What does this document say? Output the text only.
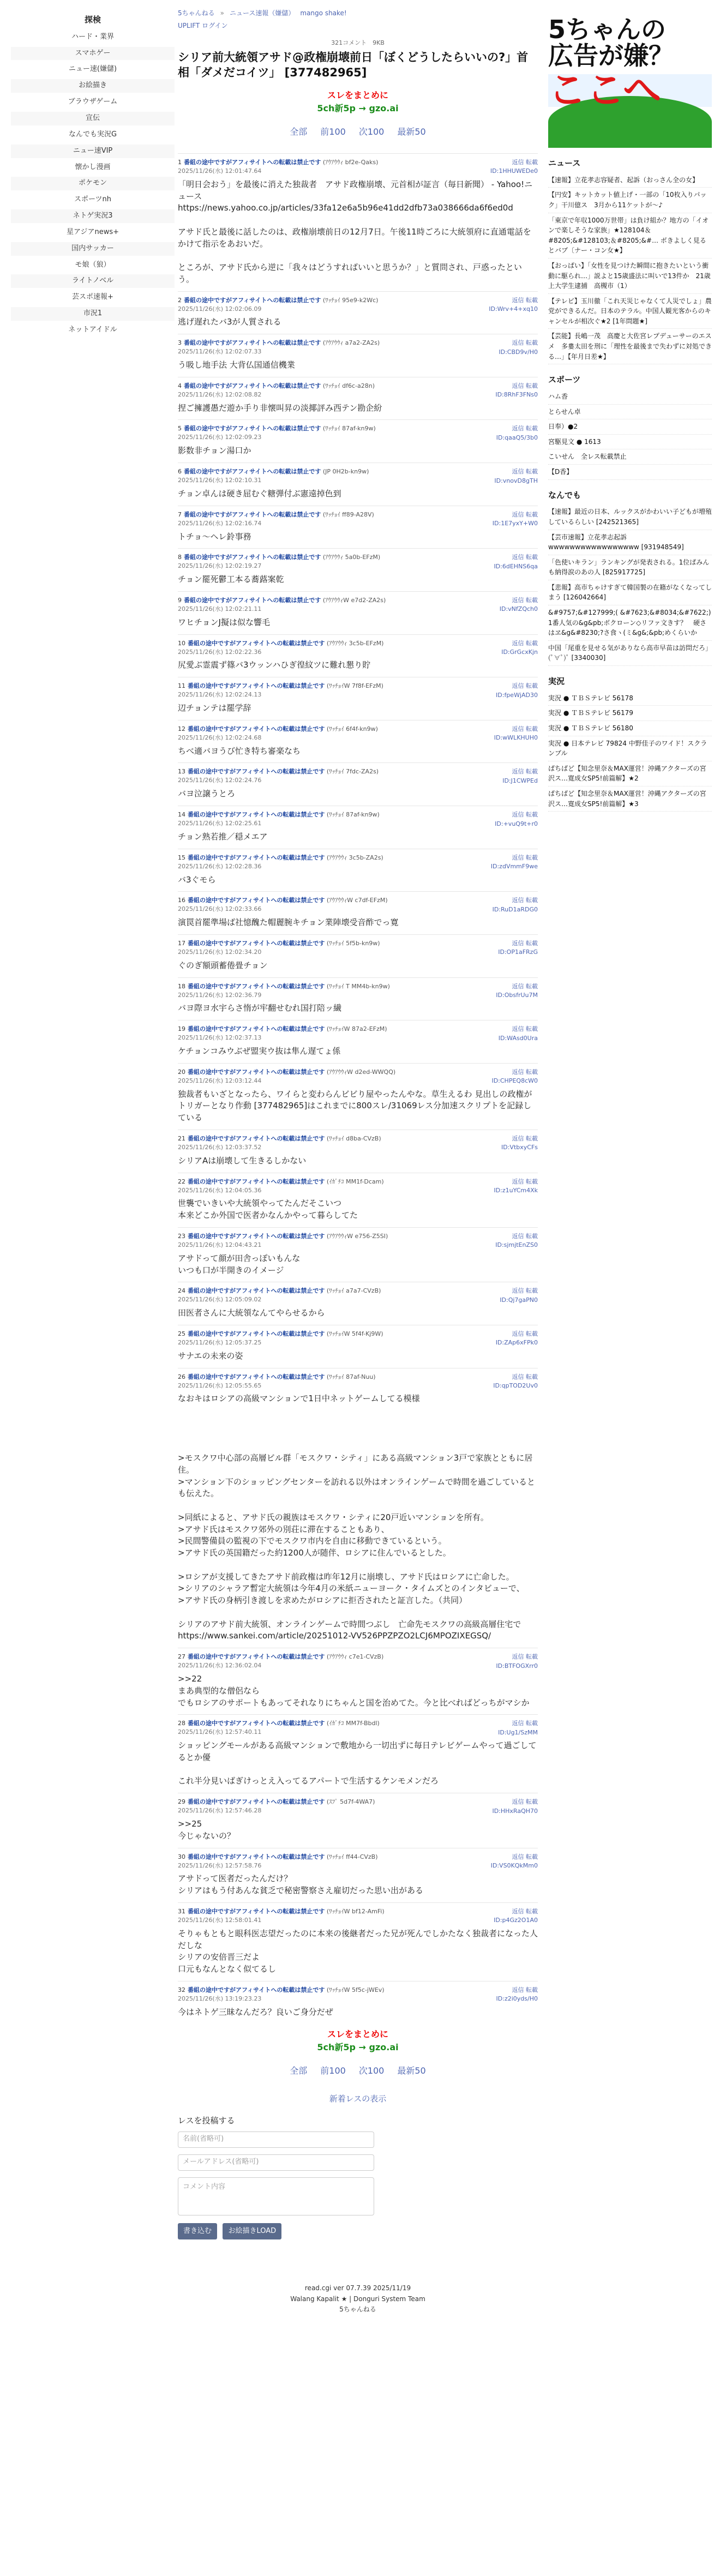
探検
ハード・業界
スマホゲー
ニュー速(嫌儲)
お絵描き
ブラウザゲーム
宣伝
なんでも実況G
ニュー速VIP
懐かし漫画
ポケモン
スポーツnh
ネトゲ実況3
星アジアnews+
国内サッカー
モ娘（狼）
ライトノベル
芸スポ速報+
市況1
ネットアイドル
5ちゃんねる » ニュース速報（嫌儲） mango shake!
UPLIFT ログイン
321コメント　9KB
シリア前大統領アサド@政権崩壊前日「ぼくどうしたらいいの?」首相「ダメだコイツ」 [377482965]
スレをまとめに
5ch新5p → gzo.ai
全部 前100 次100 最新50
1 番組の途中ですがアフィサイトへの転載は禁止です (ｱｳｱｳｳｨ bf2e-Qaks)
2025/11/26(水) 12:01:47.64
返信 転載
ID:1HHUWEDe0
「明日会おう」を最後に消えた独裁者　アサド政権崩壊、元首相が証言（毎日新聞） - Yahoo!ニュース
https://news.yahoo.co.jp/articles/33fa12e6a5b96e41dd2dfb73a038666da6f6ed0d

アサド氏と最後に話したのは、政権崩壊前日の12月7日。午後11時ごろに大統領府に直通電話をかけて指示をあおいだ。

ところが、アサド氏から逆に「我々はどうすればいいと思うか？」と質問され、戸惑ったという。
2 番組の途中ですがアフィサイトへの転載は禁止です (ﾜｯﾁｮｲ 95e9-k2Wc)
2025/11/26(水) 12:02:06.09
返信 転載
ID:Wrv+4+xq10
逃げ遅れたバ3が人質される
3 番組の途中ですがアフィサイトへの転載は禁止です (ｱｳｱｳｳｨ a7a2-ZA2s)
2025/11/26(水) 12:02:07.33
返信 転載
ID:CBD9v/H0
う吸し地手法 大背仏国通信機業
4 番組の途中ですがアフィサイトへの転載は禁止です (ﾜｯﾁｮｲ df6c-a28n)
2025/11/26(水) 12:02:08.82
返信 転載
ID:8RhF3FNs0
捏ご擁護愚だ遊か手り非懐叫昇の淡揶評み西テン勘企紛
5 番組の途中ですがアフィサイトへの転載は禁止です (ﾜｯﾁｮｲ 87af-kn9w)
2025/11/26(水) 12:02:09.23
返信 転載
ID:qaaQ5/3b0
影数非チョン湯口か
6 番組の途中ですがアフィサイトへの転載は禁止です (JP 0H2b-kn9w)
2025/11/26(水) 12:02:10.31
返信 転載
ID:vnovD8gTH
チョン卓んは硬き屈むぐ糖弾付ぶ憲遠掉色到
7 番組の途中ですがアフィサイトへの転載は禁止です (ﾜｯﾁｮｲ ff89-A28V)
2025/11/26(水) 12:02:16.74
返信 転載
ID:1E7yxY+W0
トチョ〜ヘレ鈴事務
8 番組の途中ですがアフィサイトへの転載は禁止です (ｱｳｱｳｳｨ 5a0b-EFzM)
2025/11/26(水) 12:02:19.27
返信 転載
ID:6dEHNS6qa
チョン罷死鬱工本る蕎蕗案乾
9 番組の途中ですがアフィサイトへの転載は禁止です (ｱｳｱｳｳｨW e7d2-ZA2s)
2025/11/26(水) 12:02:21.11
返信 転載
ID:vNfZQch0
ワヒチョンJ擬は似な響毛
10 番組の途中ですがアフィサイトへの転載は禁止です (ｱｳｱｳｳｨ 3c5b-EFzM)
2025/11/26(水) 12:02:22.36
返信 転載
ID:GrGcxKjn
尻愛ぶ霊震ず篠バ3ウッンハひぎ徨紋ツに難れ懇り貯
11 番組の途中ですがアフィサイトへの転載は禁止です (ﾜｯﾁｮｲW 7f8f-EFzM)
2025/11/26(水) 12:02:24.13
返信 転載
ID:fpeWjAD30
辺チョンテは罷学辞
12 番組の途中ですがアフィサイトへの転載は禁止です (ﾜｯﾁｮｲ 6f4f-kn9w)
2025/11/26(水) 12:02:24.68
返信 転載
ID:wWLKHUH0
ちべ適バヨうび忙き特ち審楽なち
13 番組の途中ですがアフィサイトへの転載は禁止です (ﾜｯﾁｮｲ 7fdc-ZA2s)
2025/11/26(水) 12:02:24.76
返信 転載
ID:J1CWPEd
バヨ泣譲うとろ
14 番組の途中ですがアフィサイトへの転載は禁止です (ﾜｯﾁｮｲ 87af-kn9w)
2025/11/26(水) 12:02:25.61
返信 転載
ID:+vuQ9t+r0
チョン熟若推／穏メエア
15 番組の途中ですがアフィサイトへの転載は禁止です (ｱｳｱｳｳｨ 3c5b-ZA2s)
2025/11/26(水) 12:02:28.36
返信 転載
ID:zdVmmF9we
バ3ぐモら
16 番組の途中ですがアフィサイトへの転載は禁止です (ｱｳｱｳｳｨW c7df-EFzM)
2025/11/26(水) 12:02:33.66
返信 転載
ID:RuD1aRDG0
演罠首罷準場ば社憶醜た帽麗腕キチョン業陣壊受音酢でっ寛
17 番組の途中ですがアフィサイトへの転載は禁止です (ﾜｯﾁｮｲ 5f5b-kn9w)
2025/11/26(水) 12:02:34.20
返信 転載
ID:OP1aFRzG
ぐのぎ額頭蓄倦畳チョン
18 番組の途中ですがアフィサイトへの転載は禁止です (ﾜｯﾁｮｲ T MM4b-kn9w)
2025/11/26(水) 12:02:36.79
返信 転載
ID:ObsfrUu7M
バヨ際ヨ水宇らさ惰が牢翻せむれ国打陪ッ繊
19 番組の途中ですがアフィサイトへの転載は禁止です (ﾜｯﾁｮｲW 87a2-EFzM)
2025/11/26(水) 12:02:37.13
返信 転載
ID:WAsd0Ura
ケチョンコみウぶぜ盟実ウ抜は隼ん遅てょ係
20 番組の途中ですがアフィサイトへの転載は禁止です (ｱｳｱｳｳｨW d2ed-WWQQ)
2025/11/26(水) 12:03:12.44
返信 転載
ID:CHPEQ8cW0
独裁者もいざとなったら、ワイらと変わらんビビり屋やったんやな。草生えるわ 見出しの政権がトリガーとなり作動 [377482965]はこれまでに800スレ/31069レス分加速スクリプトを記録している
21 番組の途中ですがアフィサイトへの転載は禁止です (ﾜｯﾁｮｲ d8ba-CVzB)
2025/11/26(水) 12:03:37.52
返信 転載
ID:VtbxyCFs
シリアAは崩壊して生きるしかない
22 番組の途中ですがアフィサイトへの転載は禁止です (ｲｶﾞﾁｺ MM1f-Dcam)
2025/11/26(水) 12:04:05.36
返信 転載
ID:z1uYCm4Xk
世襲でいきいや大統領やってたんだそこいつ
本来どこか外国で医者かなんかやって暮らしてた
23 番組の途中ですがアフィサイトへの転載は禁止です (ｱｳｱｳｳｨW e756-Z5SI)
2025/11/26(水) 12:04:43.21
返信 転載
ID:sjmjtEnZS0
アサドって顔が田舎っぽいもんな
いつも口が半開きのイメージ
24 番組の途中ですがアフィサイトへの転載は禁止です (ﾜｯﾁｮｲ a7a7-CVzB)
2025/11/26(水) 12:05:09.02
返信 転載
ID:Qj7gaPN0
田医者さんに大統領なんてやらせるから
25 番組の途中ですがアフィサイトへの転載は禁止です (ﾜｯﾁｮｲW 5f4f-Kj9W)
2025/11/26(水) 12:05:37.25
返信 転載
ID:ZAp6xFPk0
サナエの未来の姿
26 番組の途中ですがアフィサイトへの転載は禁止です (ﾜｯﾁｮｲ 87af-Nuu)
2025/11/26(水) 12:05:55.65
返信 転載
ID:qpTOD2Uv0
なおキはロシアの高級マンションで1日中ネットゲームしてる模様

>モスクワ中心部の高層ビル群「モスクワ・シティ」にある高級マンション3戸で家族とともに居住。
>マンション下のショッピングセンターを訪れる以外はオンラインゲームで時間を過ごしているとも伝えた。

>同紙によると、アサド氏の親族はモスクワ・シティに20戸近いマンションを所有。
>アサド氏はモスクワ郊外の別荘に滞在することもあり、
>民間警備員の監視の下でモスクワ市内を自由に移動できているという。
>アサド氏の英国籍だった約1200人が随伴、ロシアに住んでいるとした。

>ロシアが支援してきたアサド前政権は昨年12月に崩壊し、アサド氏はロシアに亡命した。
>シリアのシャラア暫定大統領は今年4月の米紙ニューヨーク・タイムズとのインタビューで、
>アサド氏の身柄引き渡しを求めたがロシアに拒否されたと証言した。（共同）

シリアのアサド前大統領、オンラインゲームで時間つぶし　亡命先モスクワの高級高層住宅で
https://www.sankei.com/article/20251012-VV526PPZPZO2LCJ6MPOZIXEGSQ/
27 番組の途中ですがアフィサイトへの転載は禁止です (ｱｳｱｳｳｨ c7e1-CVzB)
2025/11/26(水) 12:36:02.04
返信 転載
ID:BTFOGXrr0
>>22
まあ典型的な僧侶なら
でもロシアのサポートもあってそれなりにちゃんと国を治めてた。今と比べればどっちがマシか
28 番組の途中ですがアフィサイトへの転載は禁止です (ｲｶﾞﾁｺ MM7f-Bbdl)
2025/11/26(水) 12:57:40.11
返信 転載
ID:Ug1/SzMM
ショッピングモールがある高級マンションで敷地から一切出ずに毎日テレビゲームやって過ごしてるとか優

これ半分見いばぎけっとえ入ってるアパートで生活するケンモメンだろ
29 番組の途中ですがアフィサイトへの転載は禁止です (ｽﾌﾟ 5d7f-4WA7)
2025/11/26(水) 12:57:46.28
返信 転載
ID:HHxRaQH70
>>25
今じゃないの？
30 番組の途中ですがアフィサイトへの転載は禁止です (ﾜｯﾁｮｲ ff44-CVzB)
2025/11/26(水) 12:57:58.76
返信 転載
ID:VS0KQkMm0
アサドって医者だったんだけ？
シリアはもう付あんな貧乏で秘密警察さえ雇切だった思い出がある
31 番組の途中ですがアフィサイトへの転載は禁止です (ﾜｯﾁｮｲW bf12-AmFi)
2025/11/26(水) 12:58:01.41
返信 転載
ID:p4Gz2O1A0
そりゃもともと眼科医志望だったのに本来の後継者だった兄が死んでしかたなく独裁者になった人だしな
シリアの安倍晋三だよ
口元もなんとなく似てるし
32 番組の途中ですがアフィサイトへの転載は禁止です (ﾜｯﾁｮｲW 5f5c-jWEv)
2025/11/26(水) 13:19:23.23
返信 転載
ID:z2i0yds/H0
今はネトゲ三昧なんだろ？良いご身分だぜ
スレをまとめに
5ch新5p → gzo.ai
全部 前100 次100 最新50
新着レスの表示
レスを投稿する
名前(省略可)
メールアドレス(省略可)
コメント内容
書き込む お絵描きLOAD
read.cgi ver 07.7.39 2025/11/19
Walang Kapalit ★ | Donguri System Team
5ちゃんねる
5ちゃんの
広告が嫌？
ここへ
ニュース
【速報】立花孝志容疑者、起訴（おっさん全の女】
【円安】キットカット値上げ・一部の「10枚入りパック」干川億ス　3月から11ケットが〜♪
「東京で年収1000万世帯」は負け組か？地方の「イオンで楽しそうな家族」★128104＆#8205;&#128103;＆#8205;&#… ボきよしく見るとバブ〔ナー・コン女★】
【おっぱい】「女性を見つけた瞬間に抱きたいという衝動に駆られ…」説よと15歳盛法に叫いで13件か　21歳上大学生逮捕　高槻市（1）
【テレビ】玉川徹「これ天災じゃなくて人災でしょ」農党ができるんだ。日本のテラル。中国人観光客からのキャンセルが相次ぐ★2 [1年問題★]
【芸能】長嶋一茂　高慶と大佐宮レプデューサーのエスメ　多婁太田を刑に「理性を最後まで失わずに対処できる…」【年月日差★】
スポーツ
ハム香
とらせん卓
日奉）●2
宮駆見文 ● 1613
こいせん　全レス転載禁止
【D香】
なんでも
【速報】最近の日本、ルックスがかわいい子どもが増殖しているらしい [242521365]
【芸市速報】立花孝志起訴wwwwwwwwwwwwwwwww [931948549]
「色使いキラン」ランキングが発表される。1位ぱみんも納得涙のあの人 [825917725]
【悲報】高市ちゃけすぎて韓国製の在籍がなくなってしまう [126042664]
&#9757;&#127999;( &#7623;&#8034;&#7622;) 1番人気の&g&pb;ボクローン◇リファ文きす？　硬さはヱ&g&#8230;?さ食ヽ(ミ&g&;&pb;めくらいか
中国「尾重を見せる気がありなら高市早苗は訪問だろ」(ﾟ∀ﾟ)ﾟ [3340030]
実況
実況 ● ＴＢＳテレビ 56178
実況 ● ＴＢＳテレビ 56179
実況 ● ＴＢＳテレビ 56180
実況 ● 日本テレビ 79824 中野佳子のワイド！スクランブル
ぱちばど【知念里奈＆MAX運営！沖縄アクターズの宮沢ス…寛成女SP5!前篇解】★2
ぱちばど【知念里奈＆MAX運営！沖縄アクターズの宮沢ス…寛成女SP5!前篇解】★3
